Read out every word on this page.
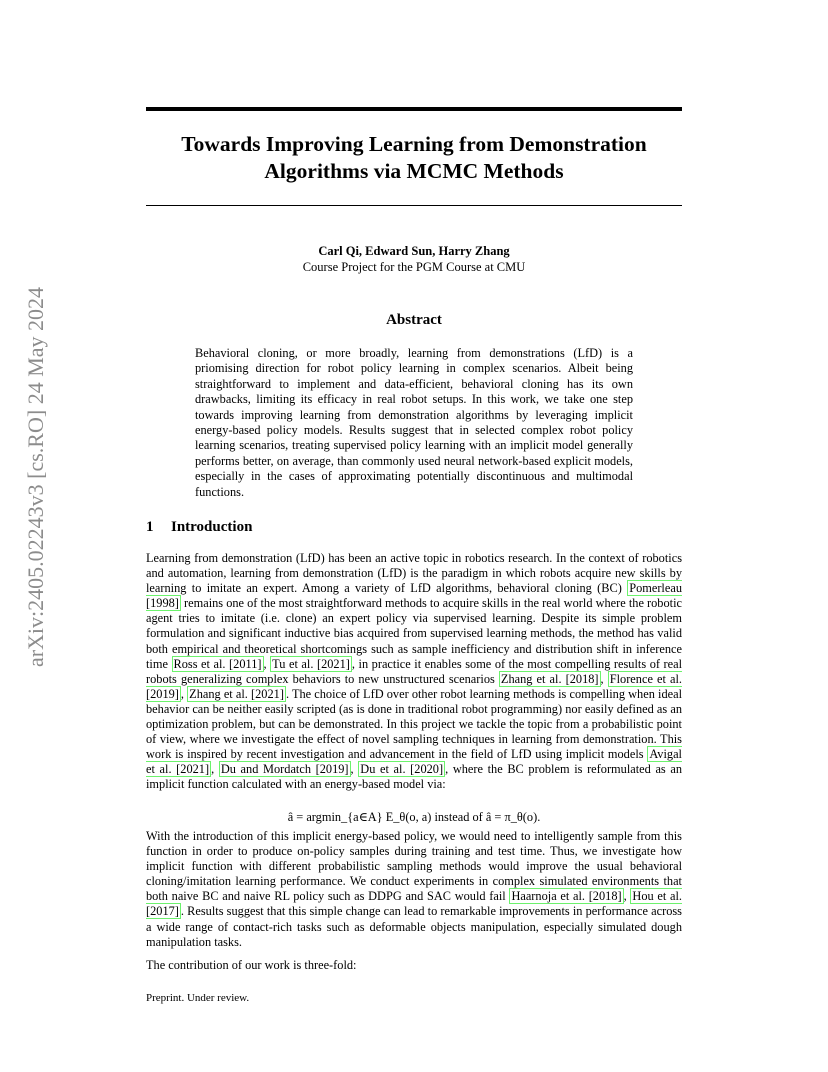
arXiv:2405.02243v3 [cs.RO] 24 May 2024
Towards Improving Learning from Demonstration
Algorithms via MCMC Methods
Carl Qi, Edward Sun, Harry Zhang
Course Project for the PGM Course at CMU
Abstract

Behavioral cloning, or more broadly, learning from demonstrations (LfD) is a priomising direction for robot policy learning in complex scenarios. Albeit being straightforward to implement and data-efficient, behavioral cloning has its own drawbacks, limiting its efficacy in real robot setups. In this work, we take one step towards improving learning from demonstration algorithms by leveraging implicit energy-based policy models. Results suggest that in selected complex robot policy learning scenarios, treating supervised policy learning with an implicit model generally performs better, on average, than commonly used neural network-based explicit models, especially in the cases of approximating potentially discontinuous and multimodal functions.

1 Introduction

Learning from demonstration (LfD) has been an active topic in robotics research. In the context of robotics and automation, learning from demonstration (LfD) is the paradigm in which robots acquire new skills by learning to imitate an expert. Among a variety of LfD algorithms, behavioral cloning (BC) Pomerleau [1998] remains one of the most straightforward methods to acquire skills in the real world where the robotic agent tries to imitate (i.e. clone) an expert policy via supervised learning. Despite its simple problem formulation and significant inductive bias acquired from supervised learning methods, the method has valid both empirical and theoretical shortcomings such as sample inefficiency and distribution shift in inference time Ross et al. [2011] , Tu et al. [2021] , in practice it enables some of the most compelling results of real robots generalizing complex behaviors to new unstructured scenarios Zhang et al. [2018] , Florence et al. [2019] , Zhang et al. [2021] . The choice of LfD over other robot learning methods is compelling when ideal behavior can be neither easily scripted (as is done in traditional robot programming) nor easily defined as an optimization problem, but can be demonstrated. In this project we tackle the topic from a probabilistic point of view, where we investigate the effect of novel sampling techniques in learning from demonstration. This work is inspired by recent investigation and advancement in the field of LfD using implicit models Avigal et al. [2021] , Du and Mordatch [2019] , Du et al. [2020] , where the BC problem is reformulated as an implicit function calculated with an energy-based model via:

â = argmin_{a∈A} E_θ(o, a) instead of â = π_θ(o).

With the introduction of this implicit energy-based policy, we would need to intelligently sample from this function in order to produce on-policy samples during training and test time. Thus, we investigate how implicit function with different probabilistic sampling methods would improve the usual behavioral cloning/imitation learning performance. We conduct experiments in complex simulated environments that both naive BC and naive RL policy such as DDPG and SAC would fail Haarnoja et al. [2018] , Hou et al. [2017] . Results suggest that this simple change can lead to remarkable improvements in performance across a wide range of contact-rich tasks such as deformable objects manipulation, especially simulated dough manipulation tasks.

The contribution of our work is three-fold:

Preprint. Under review.
